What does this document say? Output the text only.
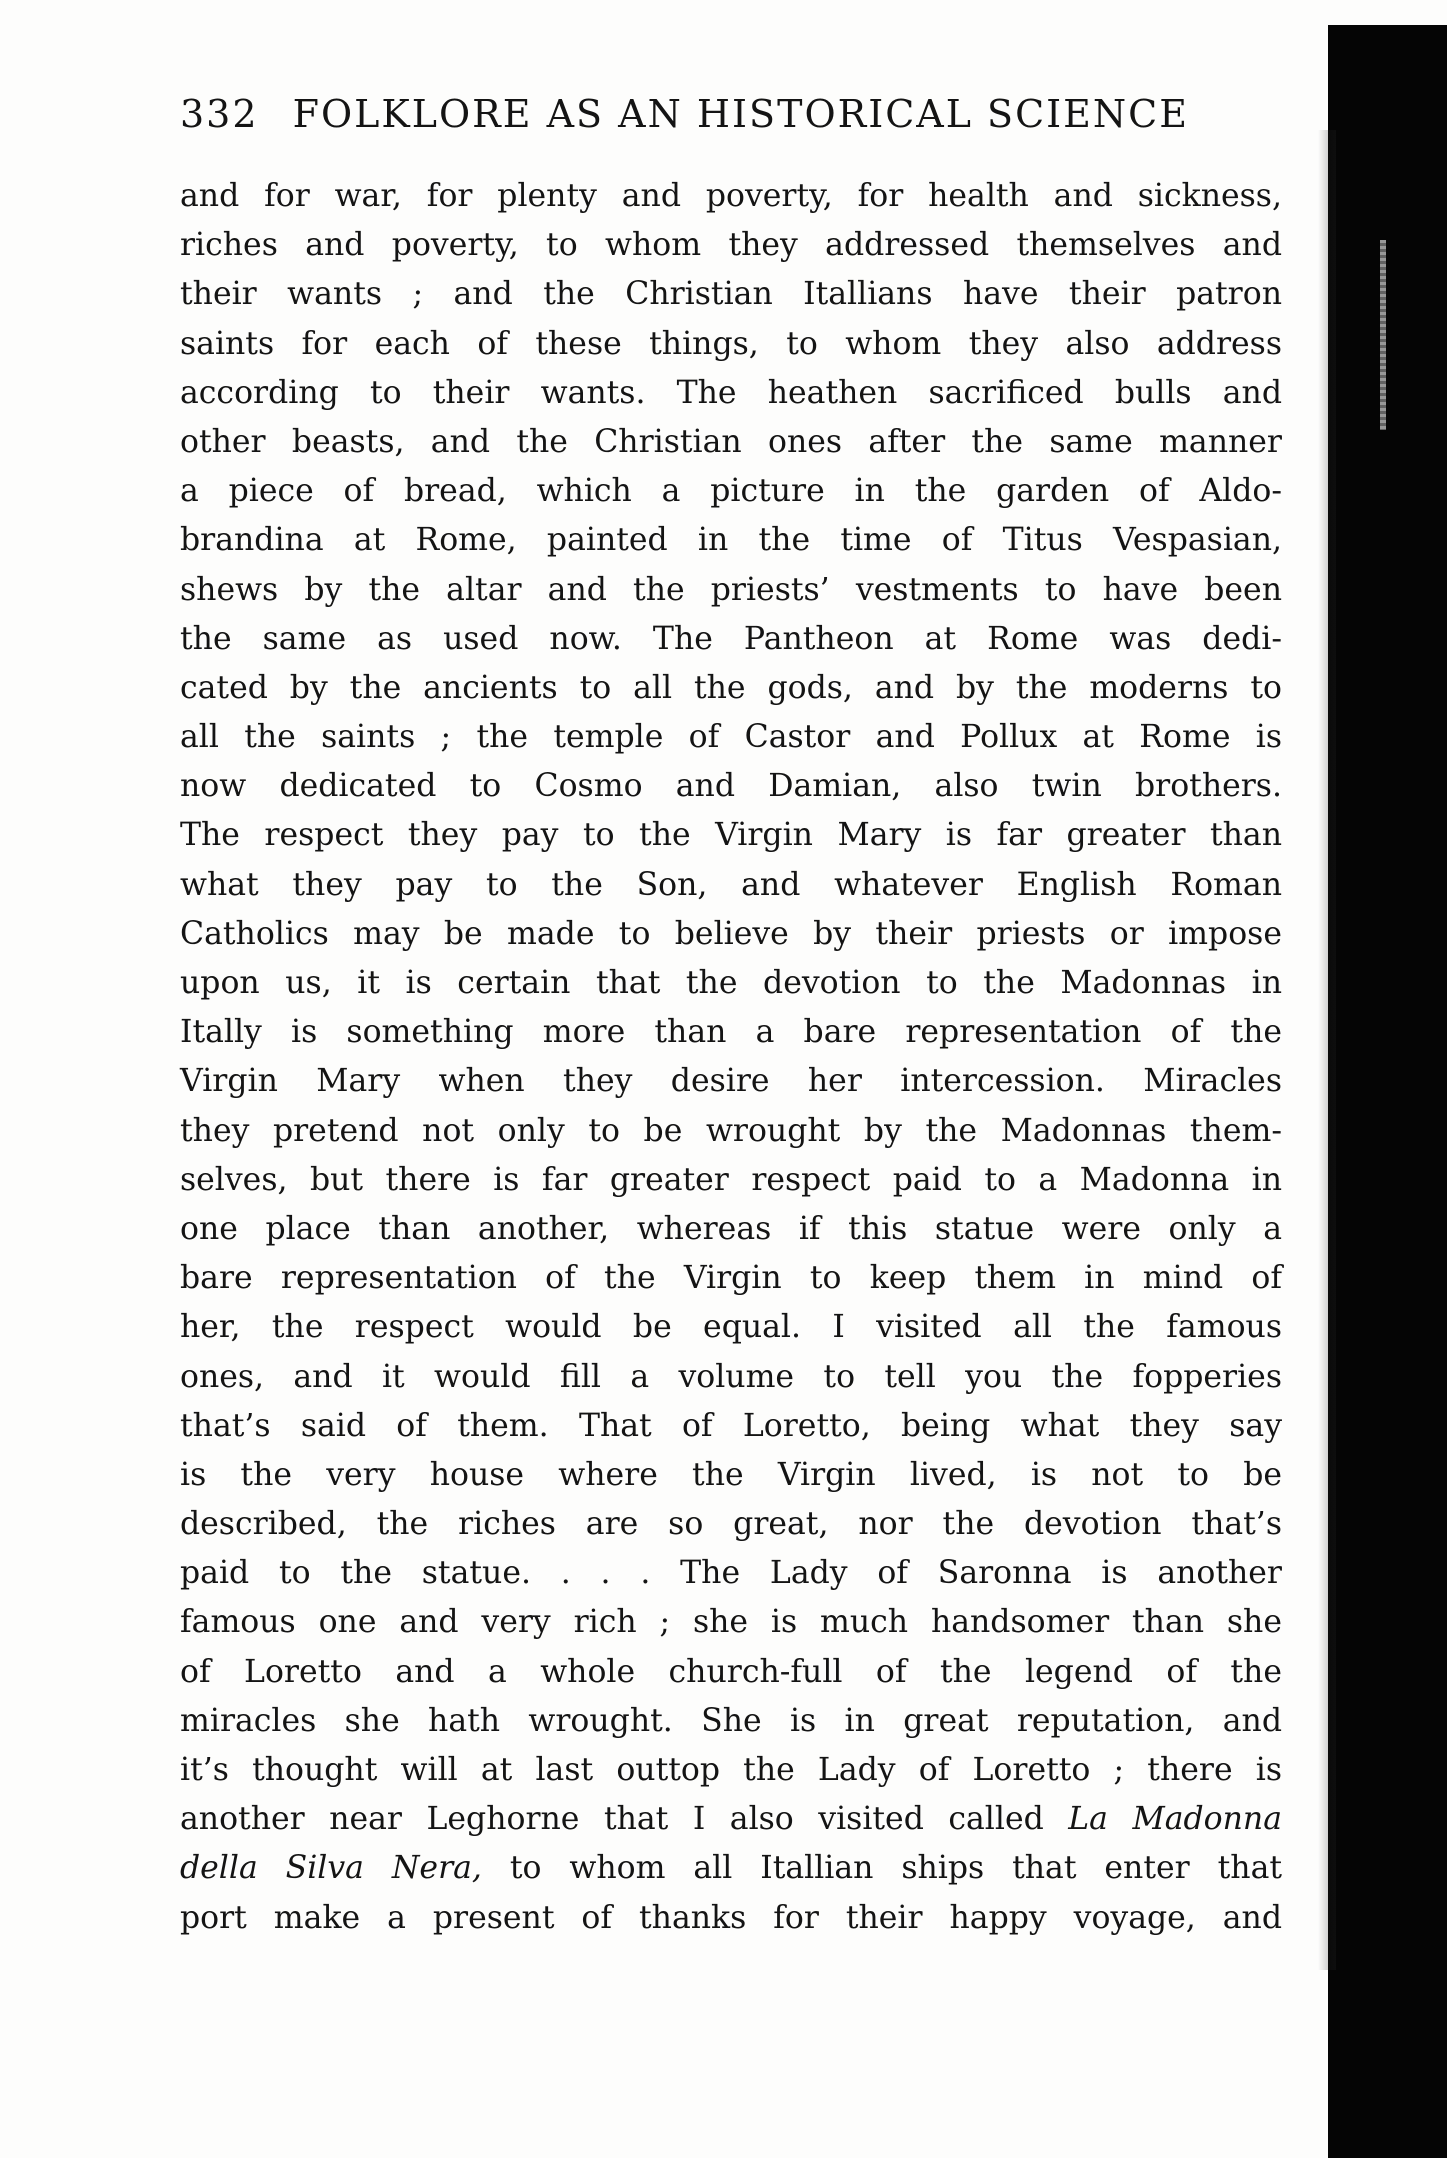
332 FOLKLORE AS AN HISTORICAL SCIENCE
and for war, for plenty and poverty, for health and sickness,
riches and poverty, to whom they addressed themselves and
their wants ; and the Christian Itallians have their patron
saints for each of these things, to whom they also address
according to their wants. The heathen sacrificed bulls and
other beasts, and the Christian ones after the same manner
a piece of bread, which a picture in the garden of Aldo-
brandina at Rome, painted in the time of Titus Vespasian,
shews by the altar and the priests’ vestments to have been
the same as used now. The Pantheon at Rome was dedi-
cated by the ancients to all the gods, and by the moderns to
all the saints ; the temple of Castor and Pollux at Rome is
now dedicated to Cosmo and Damian, also twin brothers.
The respect they pay to the Virgin Mary is far greater than
what they pay to the Son, and whatever English Roman
Catholics may be made to believe by their priests or impose
upon us, it is certain that the devotion to the Madonnas in
Itally is something more than a bare representation of the
Virgin Mary when they desire her intercession. Miracles
they pretend not only to be wrought by the Madonnas them-
selves, but there is far greater respect paid to a Madonna in
one place than another, whereas if this statue were only a
bare representation of the Virgin to keep them in mind of
her, the respect would be equal. I visited all the famous
ones, and it would fill a volume to tell you the fopperies
that’s said of them. That of Loretto, being what they say
is the very house where the Virgin lived, is not to be
described, the riches are so great, nor the devotion that’s
paid to the statue. . . . The Lady of Saronna is another
famous one and very rich ; she is much handsomer than she
of Loretto and a whole church-full of the legend of the
miracles she hath wrought. She is in great reputation, and
it’s thought will at last outtop the Lady of Loretto ; there is
another near Leghorne that I also visited called La Madonna
della Silva Nera, to whom all Itallian ships that enter that
port make a present of thanks for their happy voyage, and
